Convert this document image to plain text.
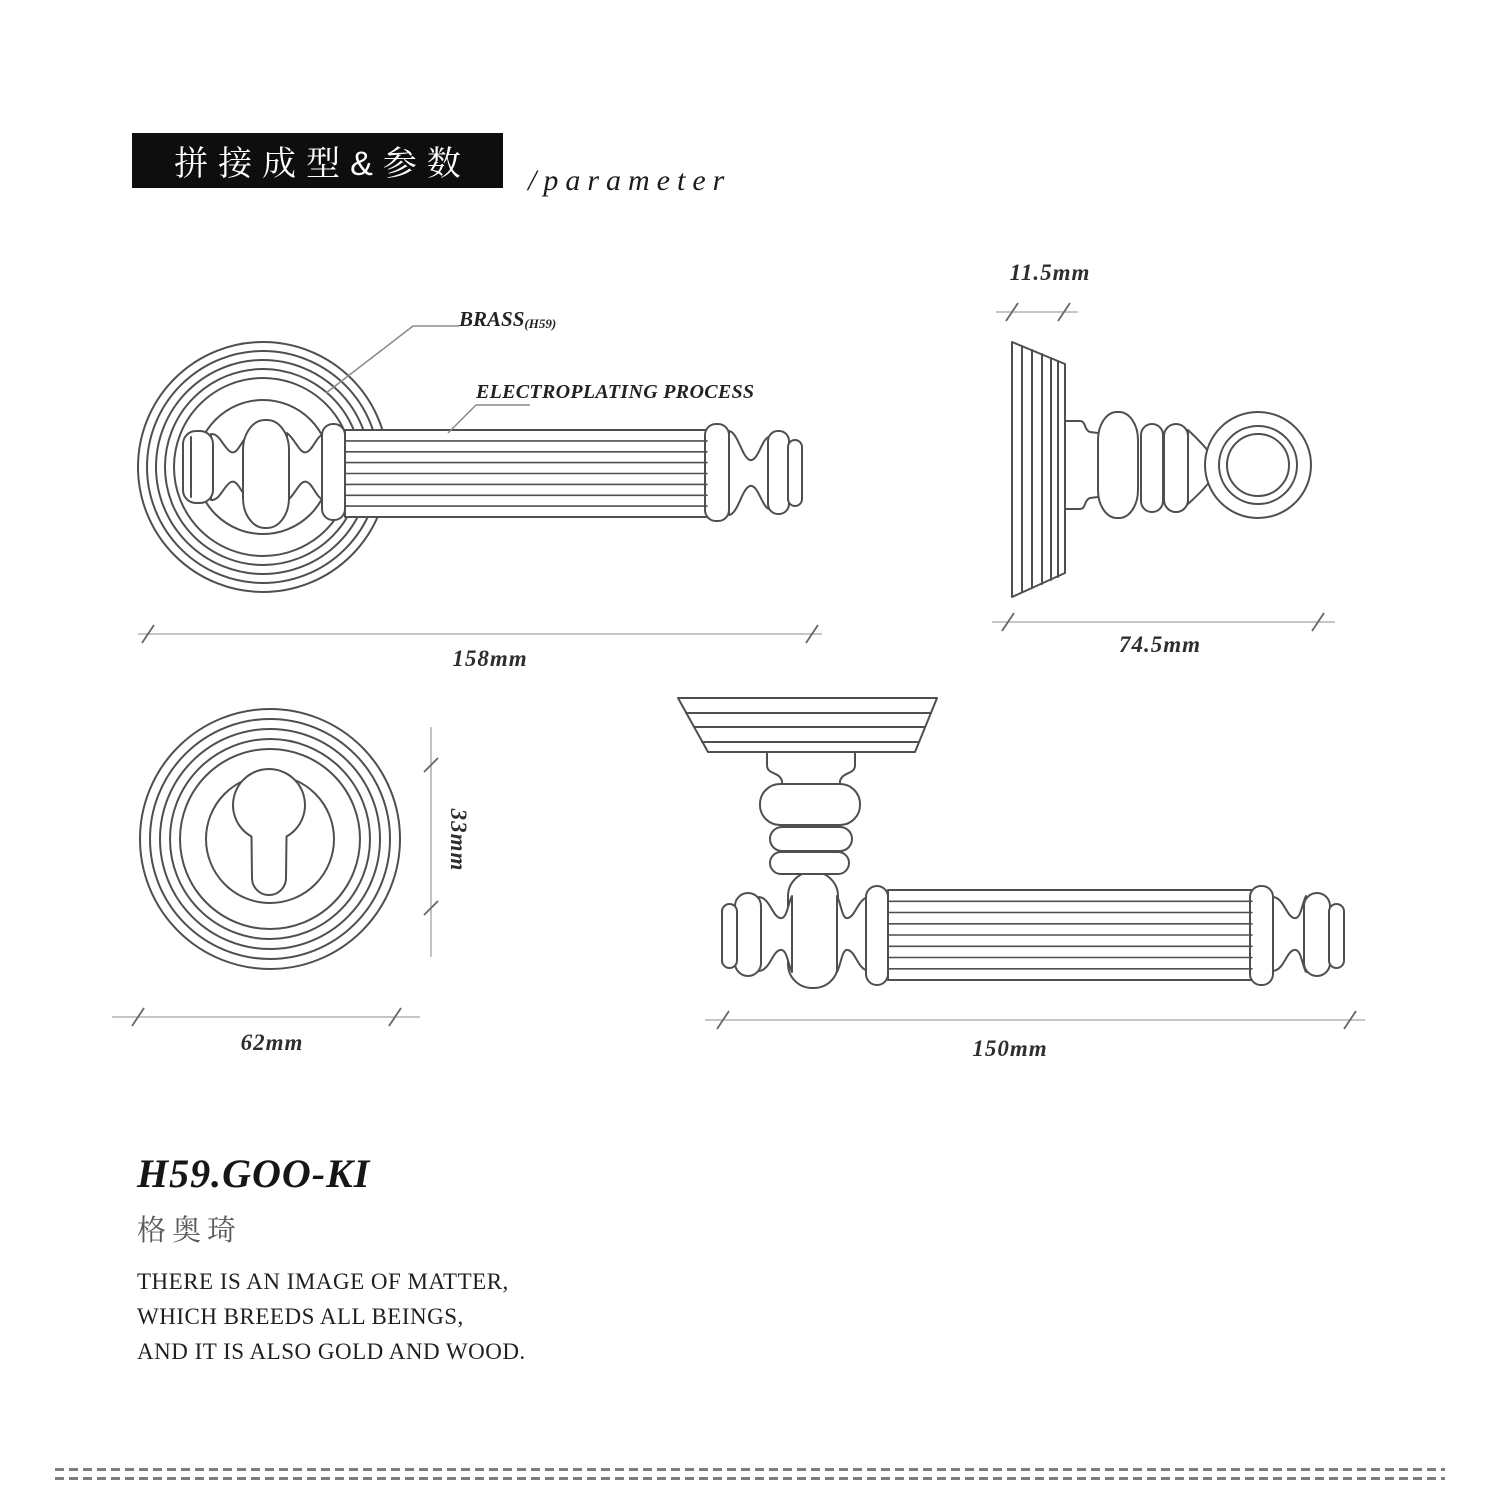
拼接成型&参数 /parameter
BRASS(H59)
ELECTROPLATING PROCESS
158mm
11.5mm
74.5mm
33mm
62mm	150mm
H59.GOO-KI
格奥琦
THERE IS AN IMAGE OF MATTER,
WHICH BREEDS ALL BEINGS,
AND IT IS ALSO GOLD AND WOOD.
